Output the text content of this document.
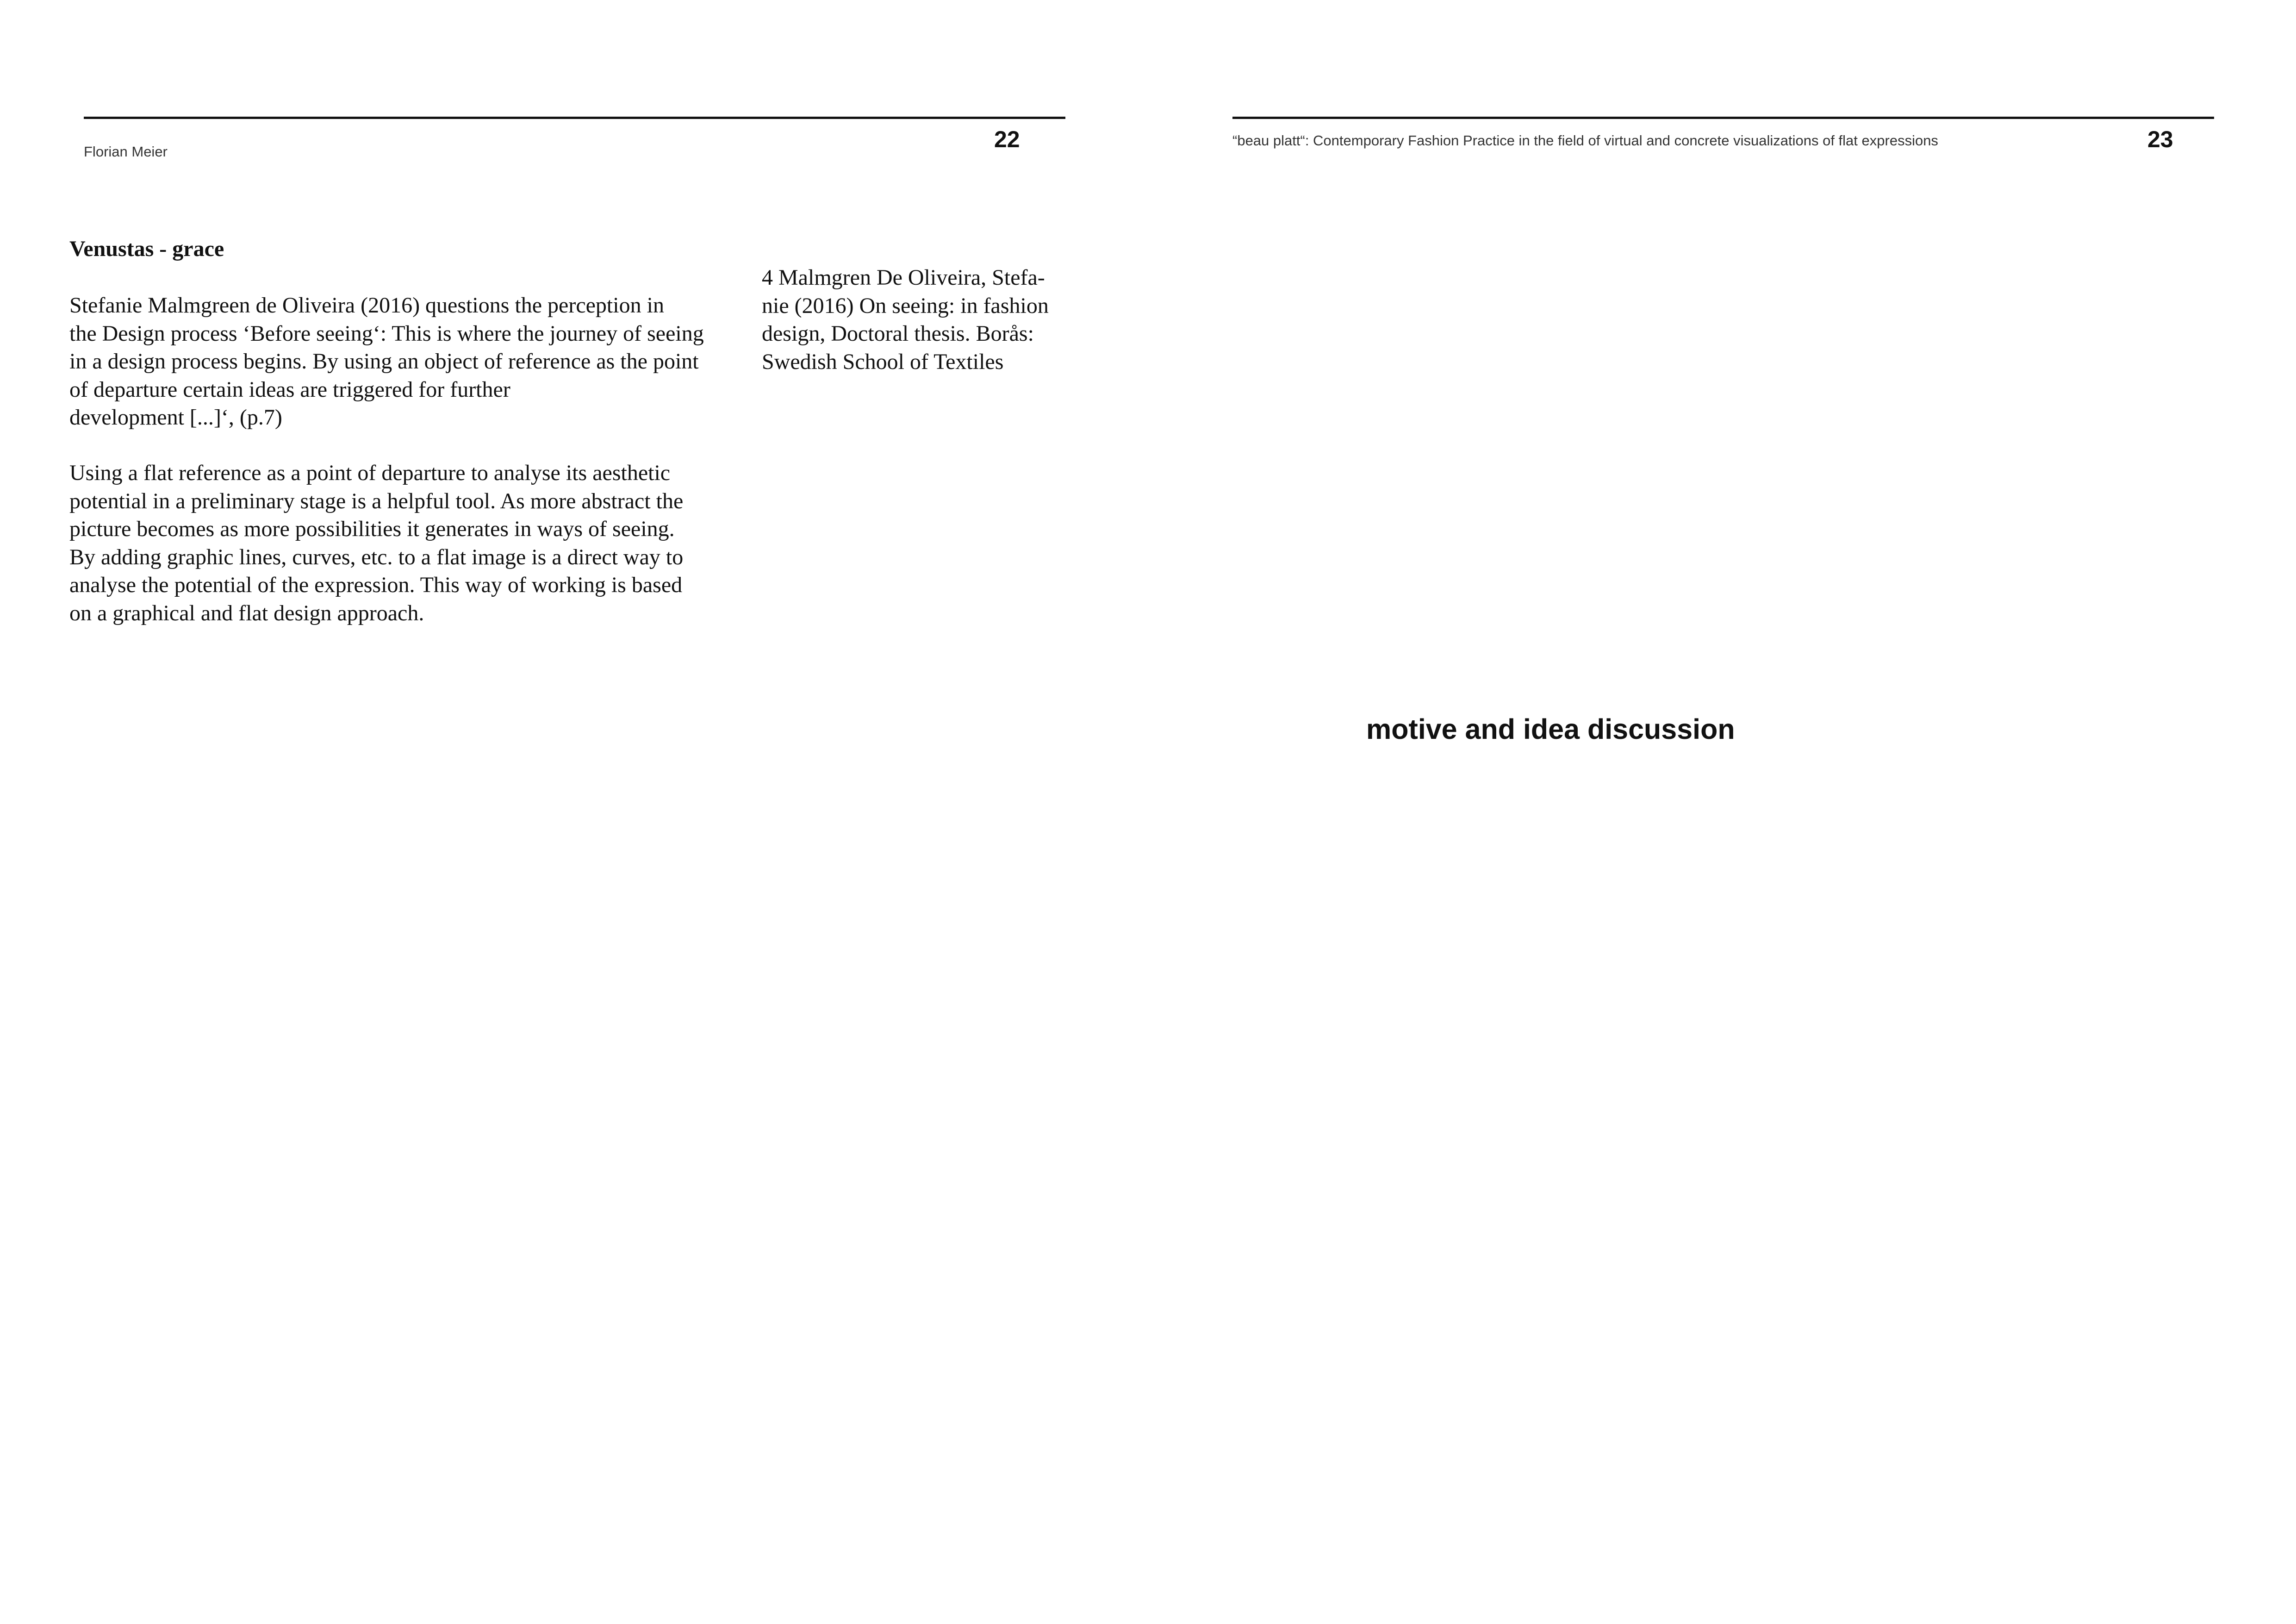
Florian Meier	22
Venustas - grace

Stefanie Malmgreen de Oliveira (2016) questions the perception in
the Design process ‘Before seeing‘: This is where the journey of seeing
in a design process begins. By using an object of reference as the point
of departure certain ideas are triggered for further
development [...]‘, (p.7)

Using a flat reference as a point of departure to analyse its aesthetic
potential in a preliminary stage is a helpful tool. As more abstract the
picture becomes as more possibilities it generates in ways of seeing.
By adding graphic lines, curves, etc. to a flat image is a direct way to
analyse the potential of the expression. This way of working is based
on a graphical and flat design approach.

4 Malmgren De Oliveira, Stefa-
nie (2016) On seeing: in fashion
design, Doctoral thesis. Borås:
Swedish School of Textiles

“beau platt“: Contemporary Fashion Practice in the field of virtual and concrete visualizations of flat expressions	23
motive and idea discussion
